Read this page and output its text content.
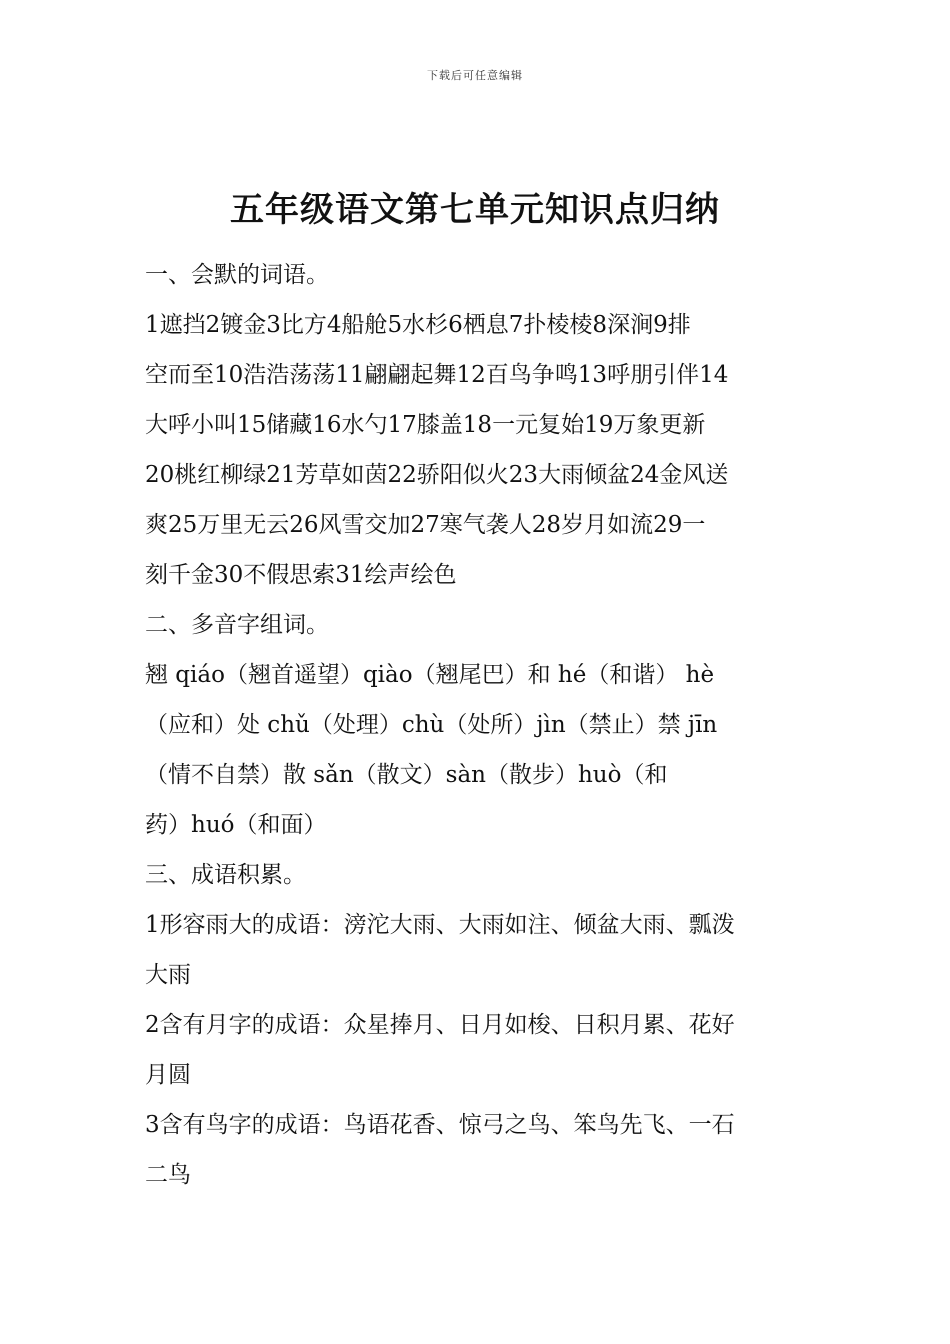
下载后可任意编辑
五年级语文第七单元知识点归纳
一、会默的词语。
1遮挡2镀金3比方4船舱5水杉6栖息7扑棱棱8深涧9排
空而至10浩浩荡荡11翩翩起舞12百鸟争鸣13呼朋引伴14
大呼小叫15储藏16水勺17膝盖18一元复始19万象更新
20桃红柳绿21芳草如茵22骄阳似火23大雨倾盆24金风送
爽25万里无云26风雪交加27寒气袭人28岁月如流29一
刻千金30不假思索31绘声绘色
二、多音字组词。
翘 qiáo（翘首遥望）qiào（翘尾巴）和 hé（和谐） hè
（应和）处 chǔ（处理）chù（处所）jìn（禁止）禁 jīn
（情不自禁）散 sǎn（散文）sàn（散步）huò（和
药）huó（和面）
三、成语积累。
1形容雨大的成语：滂沱大雨、大雨如注、倾盆大雨、瓢泼
大雨
2含有月字的成语：众星捧月、日月如梭、日积月累、花好
月圆
3含有鸟字的成语：鸟语花香、惊弓之鸟、笨鸟先飞、一石
二鸟
